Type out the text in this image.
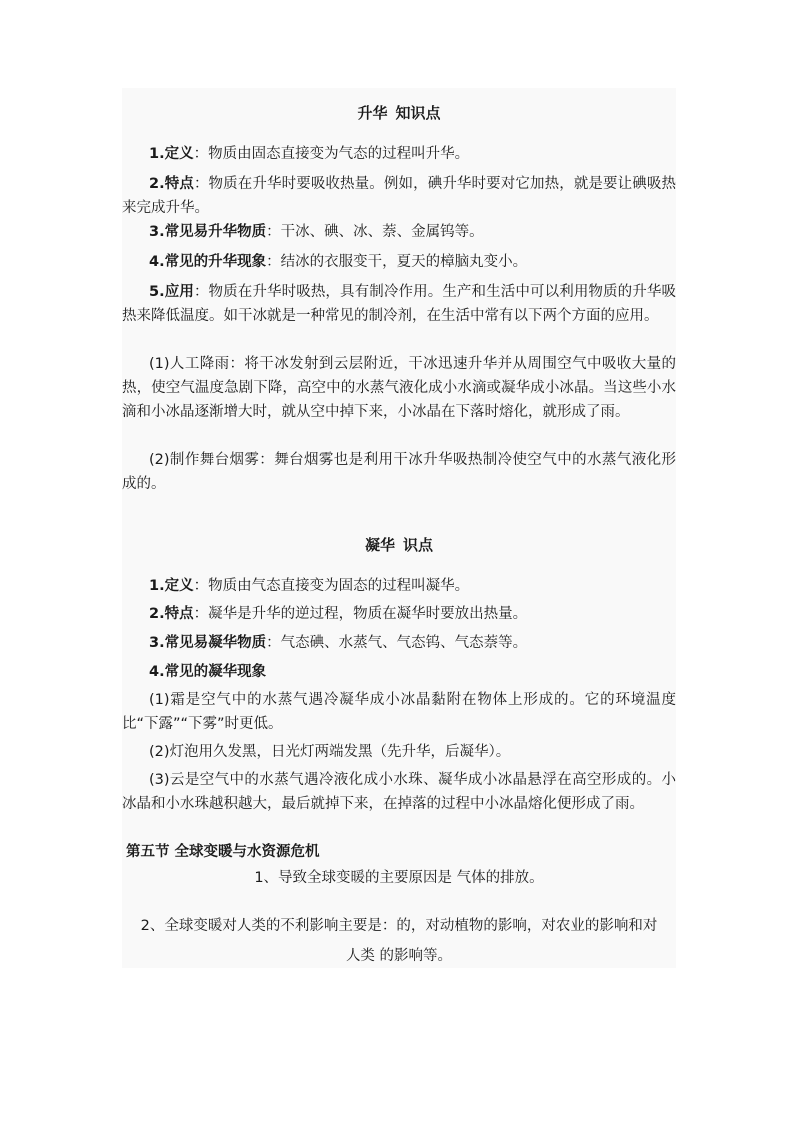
升华 知识点
1.定义：物质由固态直接变为气态的过程叫升华。
2.特点：物质在升华时要吸收热量。例如，碘升华时要对它加热，就是要让碘吸热来完成升华。
3.常见易升华物质：干冰、碘、冰、萘、金属钨等。
4.常见的升华现象：结冰的衣服变干，夏天的樟脑丸变小。
5.应用：物质在升华时吸热，具有制冷作用。生产和生活中可以利用物质的升华吸热来降低温度。如干冰就是一种常见的制冷剂，在生活中常有以下两个方面的应用。
(1)人工降雨：将干冰发射到云层附近，干冰迅速升华并从周围空气中吸收大量的热，使空气温度急剧下降，高空中的水蒸气液化成小水滴或凝华成小冰晶。当这些小水滴和小冰晶逐渐增大时，就从空中掉下来，小冰晶在下落时熔化，就形成了雨。
(2)制作舞台烟雾：舞台烟雾也是利用干冰升华吸热制冷使空气中的水蒸气液化形成的。
凝华 识点
1.定义：物质由气态直接变为固态的过程叫凝华。
2.特点：凝华是升华的逆过程，物质在凝华时要放出热量。
3.常见易凝华物质：气态碘、水蒸气、气态钨、气态萘等。
4.常见的凝华现象
(1)霜是空气中的水蒸气遇冷凝华成小冰晶黏附在物体上形成的。它的环境温度比“下露”“下雾”时更低。
(2)灯泡用久发黑，日光灯两端发黑（先升华，后凝华）。
(3)云是空气中的水蒸气遇冷液化成小水珠、凝华成小冰晶悬浮在高空形成的。小冰晶和小水珠越积越大，最后就掉下来，在掉落的过程中小冰晶熔化便形成了雨。
第五节 全球变暖与水资源危机
1、导致全球变暖的主要原因是 气体的排放。
2、全球变暖对人类的不利影响主要是：的，对动植物的影响，对农业的影响和对
人类 的影响等。
